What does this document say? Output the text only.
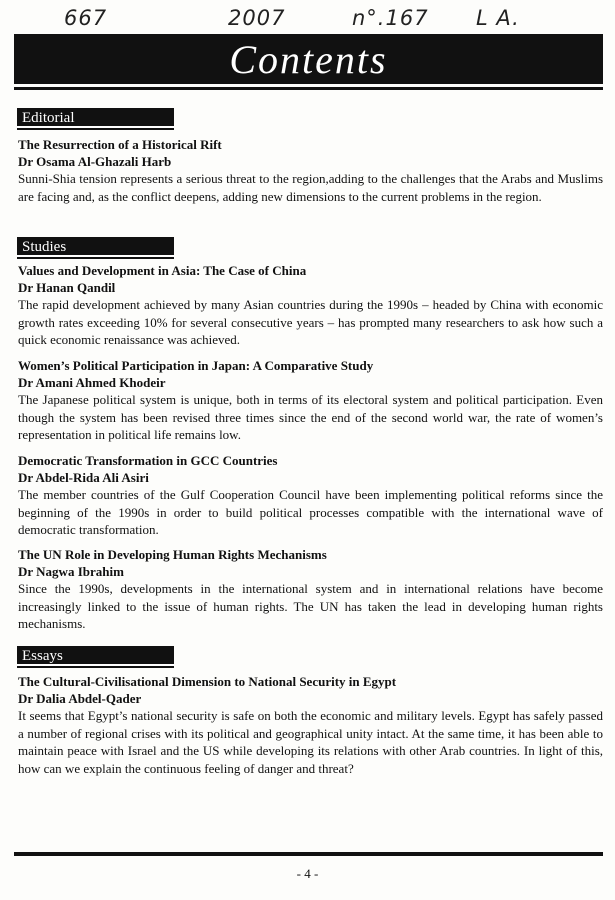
667	2007	n°.167 L A.
Contents
Editorial
The Resurrection of a Historical Rift
Dr Osama Al-Ghazali Harb
Sunni-Shia tension represents a serious threat to the region,adding to the challenges that the Arabs and Muslims are facing and, as the conflict deepens, adding new dimensions to the current problems in the region.
Studies
Values and Development in Asia: The Case of China
Dr Hanan Qandil
The rapid development achieved by many Asian countries during the 1990s – headed by China with economic growth rates exceeding 10% for several consecutive years – has prompted many researchers to ask how such a quick economic renaissance was achieved.
Women’s Political Participation in Japan: A Comparative Study
Dr Amani Ahmed Khodeir
The Japanese political system is unique, both in terms of its electoral system and political participation. Even though the system has been revised three times since the end of the second world war, the rate of women’s representation in political life remains low.
Democratic Transformation in GCC Countries
Dr Abdel-Rida Ali Asiri
The member countries of the Gulf Cooperation Council have been implementing political reforms since the beginning of the 1990s in order to build political processes compatible with the international wave of democratic transformation.
The UN Role in Developing Human Rights Mechanisms
Dr Nagwa Ibrahim
Since the 1990s, developments in the international system and in international relations have become increasingly linked to the issue of human rights. The UN has taken the lead in developing human rights mechanisms.
Essays
The Cultural-Civilisational Dimension to National Security in Egypt
Dr Dalia Abdel-Qader
It seems that Egypt’s national security is safe on both the economic and military levels. Egypt has safely passed a number of regional crises with its political and geographical unity intact. At the same time, it has been able to maintain peace with Israel and the US while developing its relations with other Arab countries. In light of this, how can we explain the continuous feeling of danger and threat?
- 4 -
